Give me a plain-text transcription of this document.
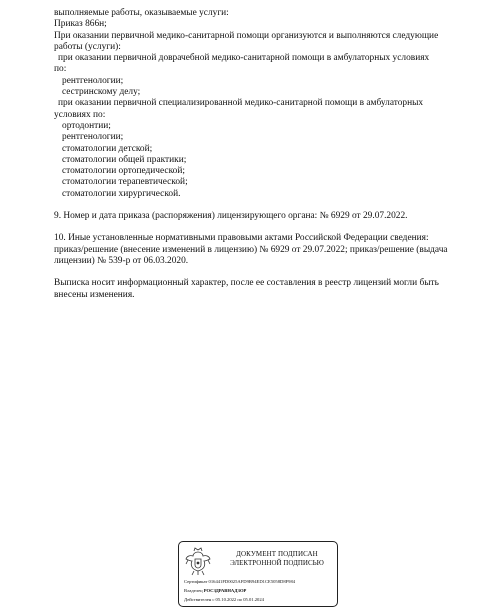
выполняемые работы, оказываемые услуги:
Приказ 866н;
При оказании первичной медико-санитарной помощи организуются и выполняются следующие
работы (услуги):
при оказании первичной доврачебной медико-санитарной помощи в амбулаторных условиях
по:
рентгенологии;
сестринскому делу;
при оказании первичной специализированной медико-санитарной помощи в амбулаторных
условиях по:
ортодонтии;
рентгенологии;
стоматологии детской;
стоматологии общей практики;
стоматологии ортопедической;
стоматологии терапевтической;
стоматологии хирургической.
9. Номер и дата приказа (распоряжения) лицензирующего органа: № 6929 от 29.07.2022.
10. Иные установленные нормативными правовыми актами Российской Федерации сведения:
приказ/решение (внесение изменений в лицензию) № 6929 от 29.07.2022; приказ/решение (выдача
лицензии) № 539-р от 06.03.2020.
Выписка носит информационный характер, после ее составления в реестр лицензий могли быть
внесены изменения.
ДОКУМЕНТ ПОДПИСАН
ЭЛЕКТРОННОЙ ПОДПИСЬЮ
Сертификат 016441FD0025AFD9B94ED1CE5058D8F984
Владелец РОСЗДРАВНАДЗОР
Действителен с 05.10.2022 по 05.01.2024
